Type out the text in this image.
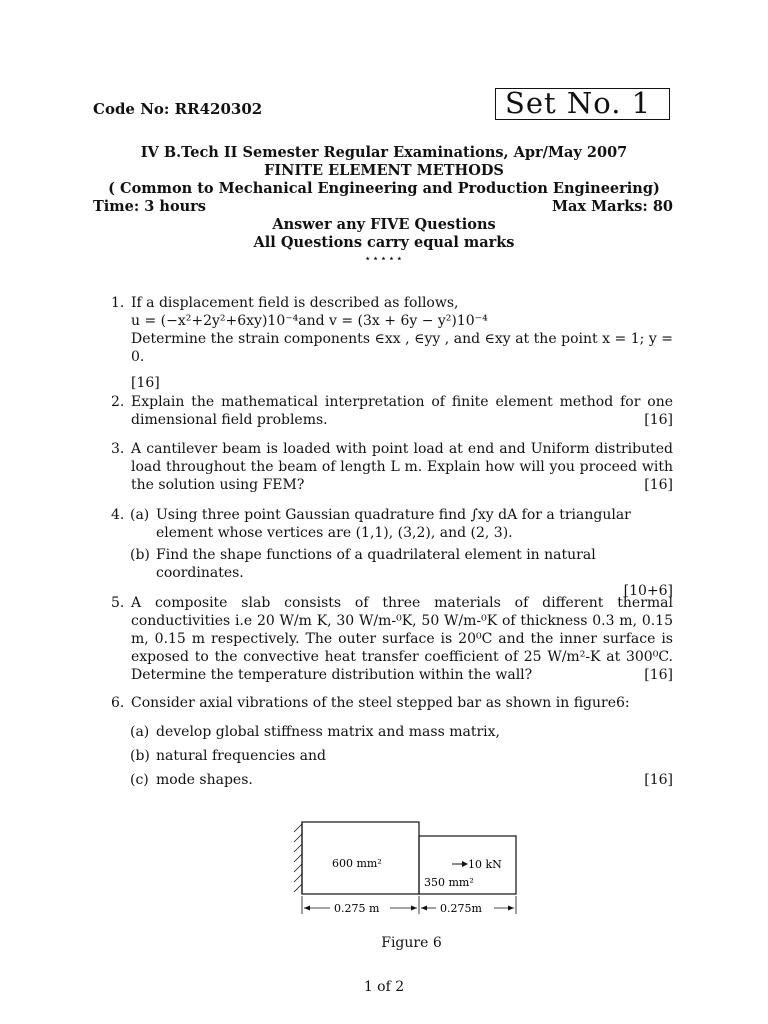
Code No: RR420302	Set No. 1
IV B.Tech II Semester Regular Examinations, Apr/May 2007
FINITE ELEMENT METHODS
( Common to Mechanical Engineering and Production Engineering)
Time: 3 hours	Max Marks: 80
Answer any FIVE Questions
All Questions carry equal marks
⋆⋆⋆⋆⋆
1. If a displacement field is described as follows,
u = (−x²+2y²+6xy)10⁻⁴and v = (3x + 6y − y²)10⁻⁴
Determine the strain components ∈xx , ∈yy , and ∈xy at the point x = 1; y = 0.
[16]
2. Explain the mathematical interpretation of finite element method for one dimensional field problems.	[16]
3. A cantilever beam is loaded with point load at end and Uniform distributed load throughout the beam of length L m. Explain how will you proceed with the solution using FEM?	[16]
4. (a) Using three point Gaussian quadrature find ∫xy dA for a triangular element whose vertices are (1,1), (3,2), and (2, 3).
(b) Find the shape functions of a quadrilateral element in natural coordinates.
[10+6]
5. A composite slab consists of three materials of different thermal conductivities i.e 20 W/m K, 30 W/m-⁰K, 50 W/m-⁰K of thickness 0.3 m, 0.15 m, 0.15 m respectively. The outer surface is 20⁰C and the inner surface is exposed to the convective heat transfer coefficient of 25 W/m²-K at 300⁰C. Determine the temperature distribution within the wall?	[16]
6. Consider axial vibrations of the steel stepped bar as shown in figure6:
(a) develop global stiffness matrix and mass matrix,
(b) natural frequencies and
(c) mode shapes.	[16]
600 mm²
350 mm²
10 kN
0.275 m	0.275m
Figure 6
1 of 2
